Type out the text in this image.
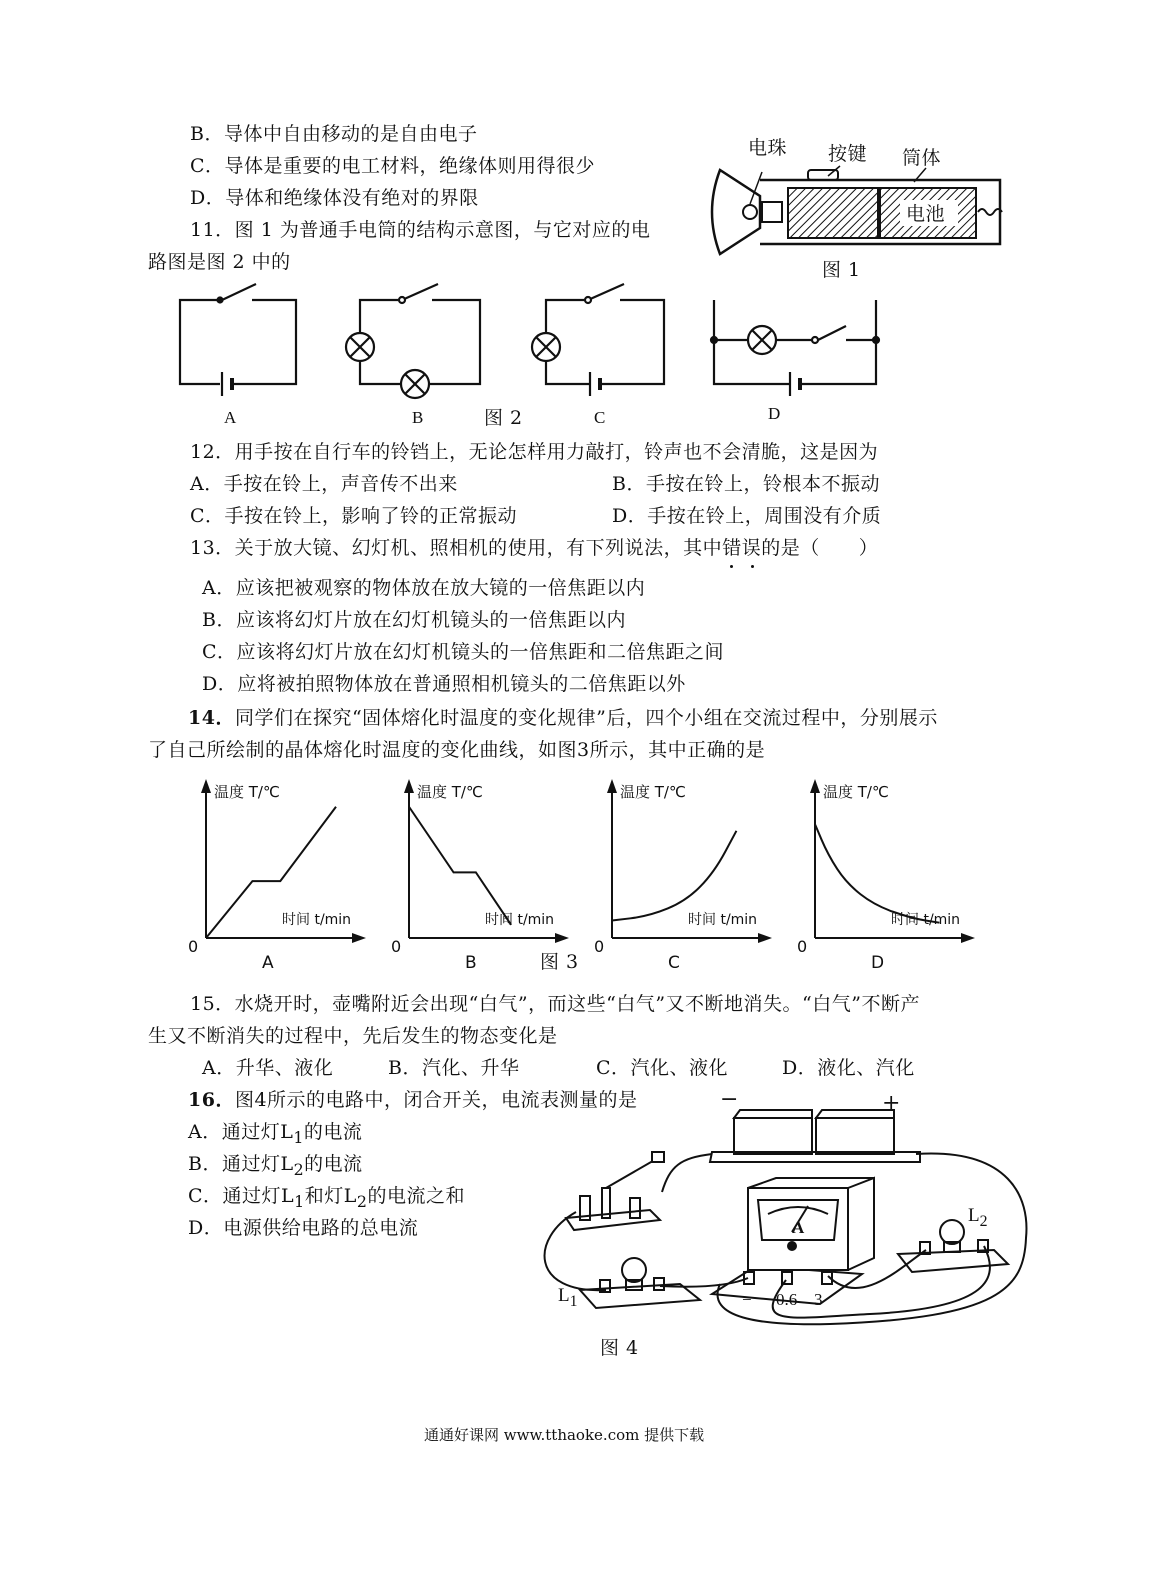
B．导体中自由移动的是自由电子
C．导体是重要的电工材料，绝缘体则用得很少
D．导体和绝缘体没有绝对的界限
11．图 1 为普通手电筒的结构示意图，与它对应的电
路图是图 2 中的
电珠 按键 筒体
电池
图 1
A	B	图 2	C	D
12．用手按在自行车的铃铛上，无论怎样用力敲打，铃声也不会清脆，这是因为
A．手按在铃上，声音传不出来	B．手按在铃上，铃根本不振动
C．手按在铃上，影响了铃的正常振动	D．手按在铃上，周围没有介质
13．关于放大镜、幻灯机、照相机的使用，有下列说法，其中错误
的是（　　）
A．应该把被观察的物体放在放大镜的一倍焦距以内
B．应该将幻灯片放在幻灯机镜头的一倍焦距以内
C．应该将幻灯片放在幻灯机镜头的一倍焦距和二倍焦距之间
D．应将被拍照物体放在普通照相机镜头的二倍焦距以外
14．同学们在探究“固体熔化时温度的变化规律”后，四个小组在交流过程中，分别展示
了自己所绘制的晶体熔化时温度的变化曲线，如图3所示，其中正确的是
温度 T/℃
时间 t/min
0
A
温度 T/℃
时间 t/min
0
B
温度 T/℃
时间 t/min
0
C
温度 T/℃
时间 t/min
0
D
图 3
15．水烧开时，壶嘴附近会出现“白气”，而这些“白气”又不断地消失。“白气”不断产
生又不断消失的过程中，先后发生的物态变化是
A．升华、液化	B．汽化、升华	C．汽化、液化	D．液化、汽化
16．图4所示的电路中，闭合开关，电流表测量的是
A．通过灯$L_1$的电流
B．通过灯$L_2$的电流
C．通过灯$L_1$和灯$L_2$的电流之和
D．电源供给电路的总电流
−	+
A
$L_1$
$L_2$
− 0.6 3
图 4
通通好课网 www.tthaoke.com 提供下载
